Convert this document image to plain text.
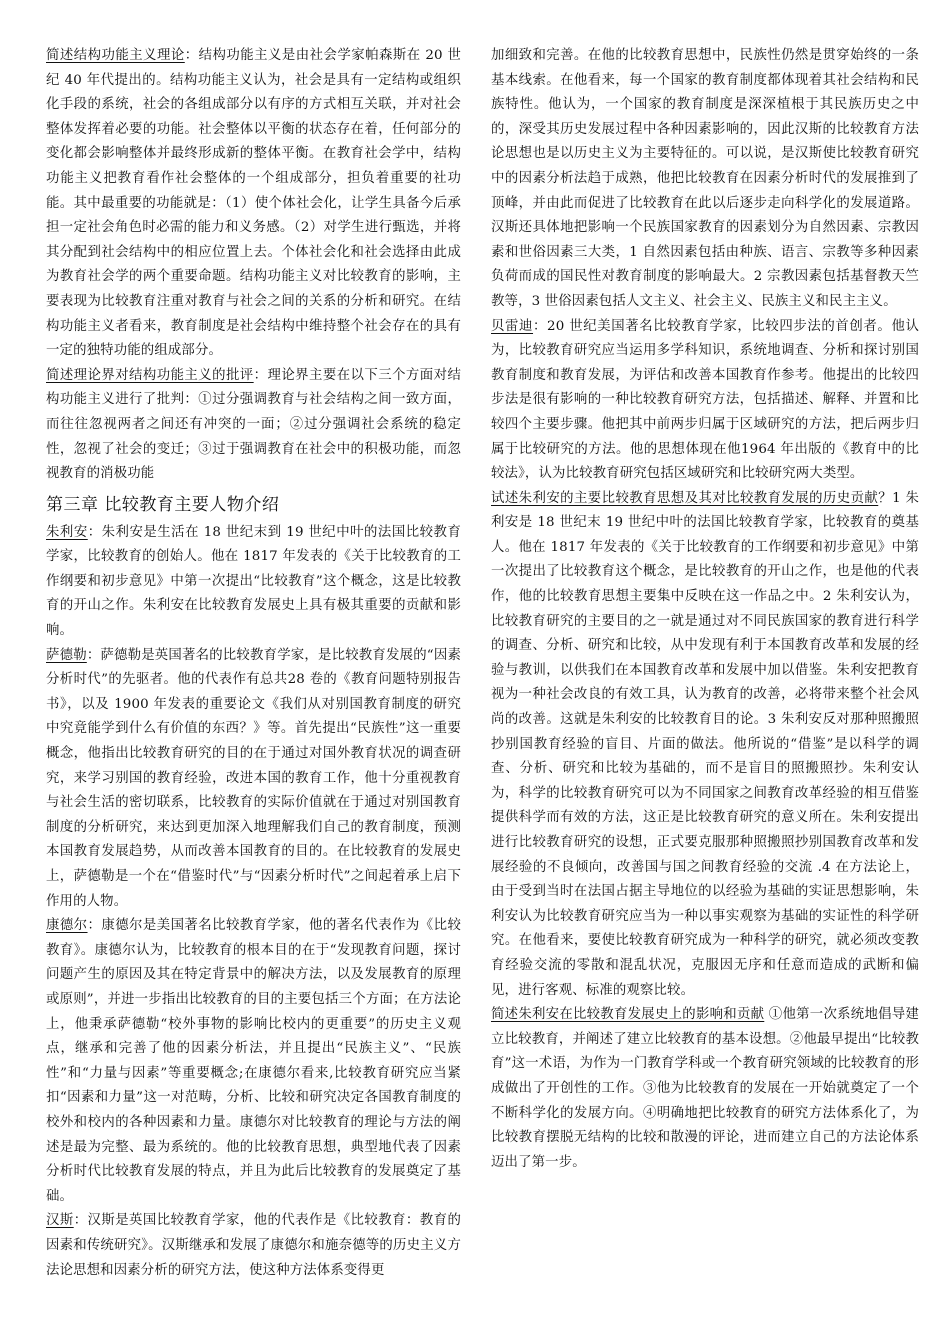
简述结构功能主义理论：结构功能主义是由社会学家帕森斯在 20 世纪 40 年代提出的。结构功能主义认为，社会是具有一定结构或组织化手段的系统，社会的各组成部分以有序的方式相互关联，并对社会整体发挥着必要的功能。社会整体以平衡的状态存在着，任何部分的变化都会影响整体并最终形成新的整体平衡。在教育社会学中，结构功能主义把教育看作社会整体的一个组成部分，担负着重要的社功能。其中最重要的功能就是：（1）使个体社会化，让学生具备今后承担一定社会角色时必需的能力和义务感。（2）对学生进行甄选，并将其分配到社会结构中的相应位置上去。个体社会化和社会选择由此成为教育社会学的两个重要命题。结构功能主义对比较教育的影响，主要表现为比较教育注重对教育与社会之间的关系的分析和研究。在结构功能主义者看来，教育制度是社会结构中维持整个社会存在的具有一定的独特功能的组成部分。

简述理论界对结构功能主义的批评：理论界主要在以下三个方面对结构功能主义进行了批判：①过分强调教育与社会结构之间一致方面，而往往忽视两者之间还有冲突的一面；②过分强调社会系统的稳定性，忽视了社会的变迁；③过于强调教育在社会中的积极功能，而忽视教育的消极功能

第三章 比较教育主要人物介绍

朱利安：朱利安是生活在 18 世纪末到 19 世纪中叶的法国比较教育学家，比较教育的创始人。他在 1817 年发表的《关于比较教育的工作纲要和初步意见》中第一次提出“比较教育”这个概念，这是比较教育的开山之作。朱利安在比较教育发展史上具有极其重要的贡献和影响。

萨德勒：萨德勒是英国著名的比较教育学家，是比较教育发展的“因素分析时代”的先驱者。他的代表作有总共28 卷的《教育问题特别报告书》，以及 1900 年发表的重要论文《我们从对别国教育制度的研究中究竟能学到什么有价值的东西？》等。首先提出“民族性”这一重要概念，他指出比较教育研究的目的在于通过对国外教育状况的调查研究，来学习别国的教育经验，改进本国的教育工作，他十分重视教育与社会生活的密切联系，比较教育的实际价值就在于通过对别国教育制度的分析研究，来达到更加深入地理解我们自己的教育制度，预测本国教育发展趋势，从而改善本国教育的目的。在比较教育的发展史上，萨德勒是一个在“借鉴时代”与“因素分析时代”之间起着承上启下作用的人物。

康德尔：康德尔是美国著名比较教育学家，他的著名代表作为《比较教育》。康德尔认为，比较教育的根本目的在于“发现教育问题，探讨问题产生的原因及其在特定背景中的解决方法，以及发展教育的原理或原则”，并进一步指出比较教育的目的主要包括三个方面；在方法论上，他秉承萨德勒“校外事物的影响比校内的更重要”的历史主义观点，继承和完善了他的因素分析法，并且提出“民族主义”、“民族性”和“力量与因素”等重要概念;在康德尔看来,比较教育研究应当紧扣“因素和力量”这一对范畴，分析、比较和研究决定各国教育制度的校外和校内的各种因素和力量。康德尔对比较教育的理论与方法的阐述是最为完整、最为系统的。他的比较教育思想，典型地代表了因素分析时代比较教育发展的特点，并且为此后比较教育的发展奠定了基础。

汉斯：汉斯是英国比较教育学家，他的代表作是《比较教育：教育的因素和传统研究》。汉斯继承和发展了康德尔和施奈德等的历史主义方法论思想和因素分析的研究方法，使这种方法体系变得更

加细致和完善。在他的比较教育思想中，民族性仍然是贯穿始终的一条基本线索。在他看来，每一个国家的教育制度都体现着其社会结构和民族特性。他认为，一个国家的教育制度是深深植根于其民族历史之中的，深受其历史发展过程中各种因素影响的，因此汉斯的比较教育方法论思想也是以历史主义为主要特征的。可以说，是汉斯使比较教育研究中的因素分析法趋于成熟，他把比较教育在因素分析时代的发展推到了顶峰，并由此而促进了比较教育在此以后逐步走向科学化的发展道路。汉斯还具体地把影响一个民族国家教育的因素划分为自然因素、宗教因素和世俗因素三大类，1 自然因素包括由种族、语言、宗教等多种因素负荷而成的国民性对教育制度的影响最大。2 宗教因素包括基督教天竺教等，3 世俗因素包括人文主义、社会主义、民族主义和民主主义。

贝雷迪：20 世纪美国著名比较教育学家，比较四步法的首创者。他认为，比较教育研究应当运用多学科知识，系统地调查、分析和探讨别国教育制度和教育发展，为评估和改善本国教育作参考。他提出的比较四步法是很有影响的一种比较教育研究方法，包括描述、解释、并置和比较四个主要步骤。他把其中前两步归属于区域研究的方法，把后两步归属于比较研究的方法。他的思想体现在他1964 年出版的《教育中的比较法》，认为比较教育研究包括区域研究和比较研究两大类型。

试述朱利安的主要比较教育思想及其对比较教育发展的历史贡献？1 朱利安是 18 世纪末 19 世纪中叶的法国比较教育学家，比较教育的奠基人。他在 1817 年发表的《关于比较教育的工作纲要和初步意见》中第一次提出了比较教育这个概念，是比较教育的开山之作，也是他的代表作，他的比较教育思想主要集中反映在这一作品之中。2 朱利安认为，比较教育研究的主要目的之一就是通过对不同民族国家的教育进行科学的调查、分析、研究和比较，从中发现有利于本国教育改革和发展的经验与教训，以供我们在本国教育改革和发展中加以借鉴。朱利安把教育视为一种社会改良的有效工具，认为教育的改善，必将带来整个社会风尚的改善。这就是朱利安的比较教育目的论。3 朱利安反对那种照搬照抄别国教育经验的盲目、片面的做法。他所说的“借鉴”是以科学的调查、分析、研究和比较为基础的，而不是盲目的照搬照抄。朱利安认为，科学的比较教育研究可以为不同国家之间教育改革经验的相互借鉴提供科学而有效的方法，这正是比较教育研究的意义所在。朱利安提出进行比较教育研究的设想，正式要克服那种照搬照抄别国教育改革和发展经验的不良倾向，改善国与国之间教育经验的交流 .4 在方法论上，由于受到当时在法国占据主导地位的以经验为基础的实证思想影响，朱利安认为比较教育研究应当为一种以事实观察为基础的实证性的科学研究。在他看来，要使比较教育研究成为一种科学的研究，就必须改变教育经验交流的零散和混乱状况，克服因无序和任意而造成的武断和偏见，进行客观、标准的观察比较。

简述朱利安在比较教育发展史上的影响和贡献 ①他第一次系统地倡导建立比较教育，并阐述了建立比较教育的基本设想。②他最早提出“比较教育”这一术语，为作为一门教育学科或一个教育研究领域的比较教育的形成做出了开创性的工作。③他为比较教育的发展在一开始就奠定了一个不断科学化的发展方向。④明确地把比较教育的研究方法体系化了，为比较教育摆脱无结构的比较和散漫的评论，进而建立自己的方法论体系迈出了第一步。
